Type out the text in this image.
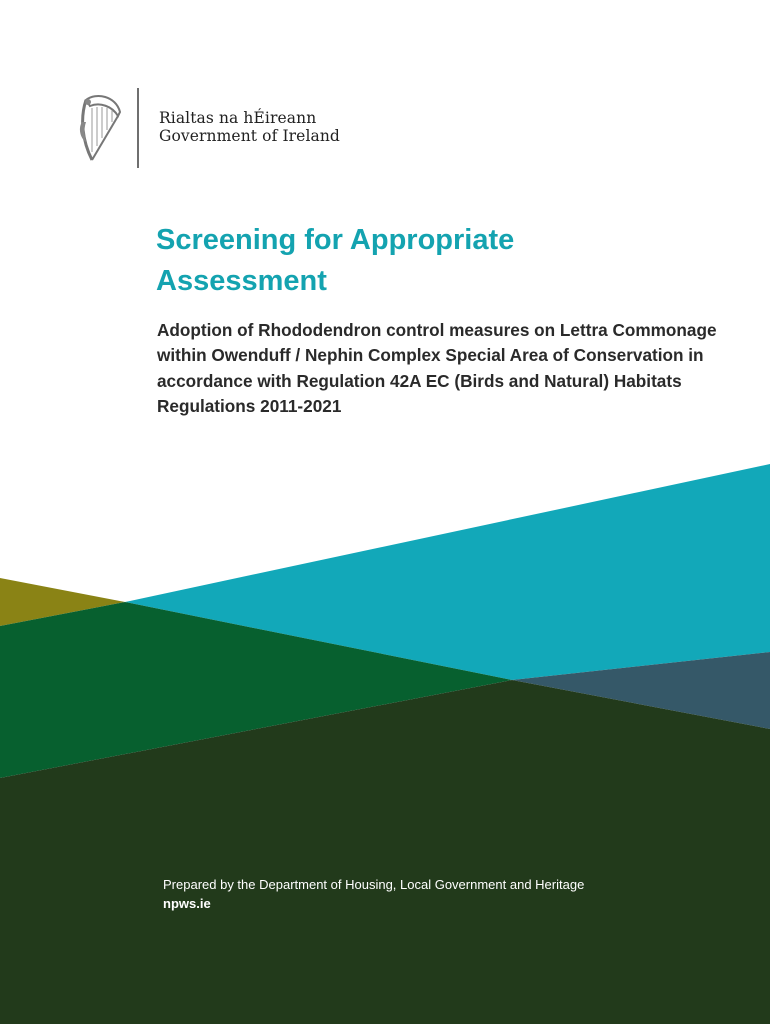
Rialtas na hÉireann
Government of Ireland
Screening for Appropriate Assessment

Adoption of Rhododendron control measures on Lettra Commonage within Owenduff / Nephin Complex Special Area of Conservation in accordance with Regulation 42A EC (Birds and Natural) Habitats Regulations 2011-2021

Prepared by the Department of Housing, Local Government and Heritage
npws.ie
